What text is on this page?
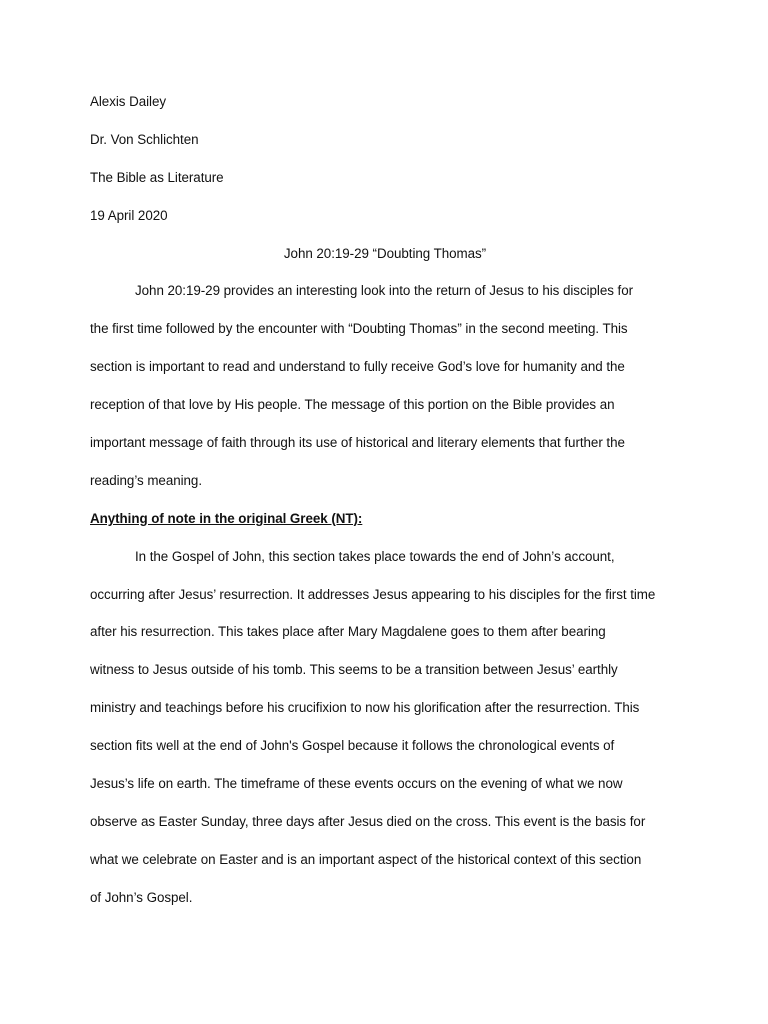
Alexis Dailey
Dr. Von Schlichten
The Bible as Literature
19 April 2020
John 20:19-29 “Doubting Thomas”
John 20:19-29 provides an interesting look into the return of Jesus to his disciples for
the first time followed by the encounter with “Doubting Thomas” in the second meeting. This
section is important to read and understand to fully receive God’s love for humanity and the
reception of that love by His people. The message of this portion on the Bible provides an
important message of faith through its use of historical and literary elements that further the
reading’s meaning.
Anything of note in the original Greek (NT):
In the Gospel of John, this section takes place towards the end of John’s account,
occurring after Jesus’ resurrection. It addresses Jesus appearing to his disciples for the first time
after his resurrection. This takes place after Mary Magdalene goes to them after bearing
witness to Jesus outside of his tomb. This seems to be a transition between Jesus’ earthly
ministry and teachings before his crucifixion to now his glorification after the resurrection. This
section fits well at the end of John's Gospel because it follows the chronological events of
Jesus’s life on earth. The timeframe of these events occurs on the evening of what we now
observe as Easter Sunday, three days after Jesus died on the cross. This event is the basis for
what we celebrate on Easter and is an important aspect of the historical context of this section
of John’s Gospel.
